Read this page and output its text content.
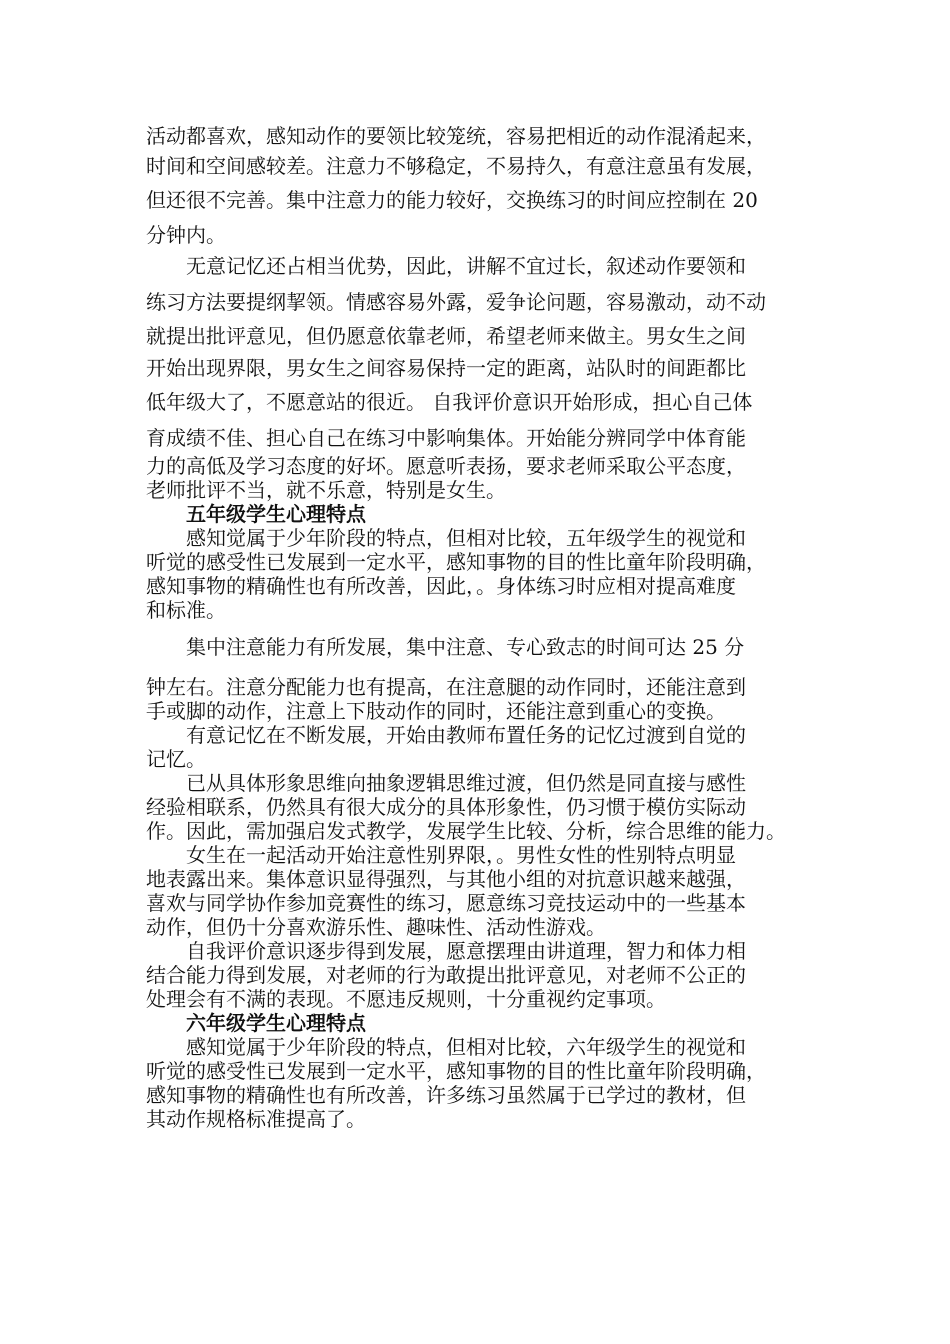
活动都喜欢，感知动作的要领比较笼统，容易把相近的动作混淆起来，
时间和空间感较差。注意力不够稳定，不易持久，有意注意虽有发展，
但还很不完善。集中注意力的能力较好，交换练习的时间应控制在 20
分钟内。
　　无意记忆还占相当优势，因此，讲解不宜过长，叙述动作要领和
练习方法要提纲挈领。情感容易外露，爱争论问题，容易激动，动不动
就提出批评意见，但仍愿意依靠老师，希望老师来做主。男女生之间
开始出现界限，男女生之间容易保持一定的距离，站队时的间距都比
低年级大了，不愿意站的很近。 自我评价意识开始形成，担心自己体
育成绩不佳、担心自己在练习中影响集体。开始能分辨同学中体育能
力的高低及学习态度的好坏。愿意听表扬，要求老师采取公平态度，
老师批评不当，就不乐意，特别是女生。
　　五年级学生心理特点
　　感知觉属于少年阶段的特点，但相对比较，五年级学生的视觉和
听觉的感受性已发展到一定水平，感知事物的目的性比童年阶段明确，
感知事物的精确性也有所改善，因此，。身体练习时应相对提高难度
和标准。
　　集中注意能力有所发展，集中注意、专心致志的时间可达 25 分
钟左右。注意分配能力也有提高，在注意腿的动作同时，还能注意到
手或脚的动作，注意上下肢动作的同时，还能注意到重心的变换。
　　有意记忆在不断发展，开始由教师布置任务的记忆过渡到自觉的
记忆。
　　已从具体形象思维向抽象逻辑思维过渡，但仍然是同直接与感性
经验相联系，仍然具有很大成分的具体形象性，仍习惯于模仿实际动
作。因此，需加强启发式教学，发展学生比较、分析，综合思维的能力。
　　女生在一起活动开始注意性别界限，。男性女性的性别特点明显
地表露出来。集体意识显得强烈，与其他小组的对抗意识越来越强，
喜欢与同学协作参加竞赛性的练习，愿意练习竞技运动中的一些基本
动作，但仍十分喜欢游乐性、趣味性、活动性游戏。
　　自我评价意识逐步得到发展，愿意摆理由讲道理，智力和体力相
结合能力得到发展，对老师的行为敢提出批评意见，对老师不公正的
处理会有不满的表现。不愿违反规则，十分重视约定事项。
　　六年级学生心理特点
　　感知觉属于少年阶段的特点，但相对比较，六年级学生的视觉和
听觉的感受性已发展到一定水平，感知事物的目的性比童年阶段明确，
感知事物的精确性也有所改善，许多练习虽然属于已学过的教材，但
其动作规格标准提高了。
